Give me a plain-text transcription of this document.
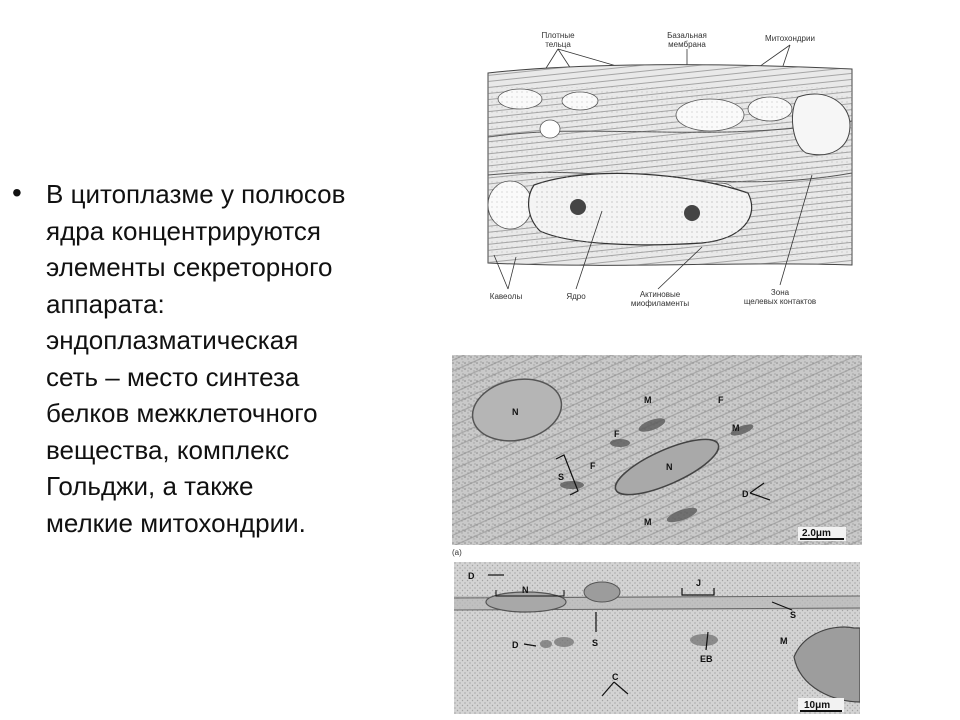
• В цитоплазме у полюсов
ядра концентрируются
элементы секреторного
аппарата:
эндоплазматическая
сеть – место синтеза
белков межклеточного
вещества, комплекс
Гольджи, а также
мелкие митохондрии.
Плотные тельца
Базальная мембрана
Митохондрии
Кавеолы	Ядро	Актиновые миофиламенты
Зона щелевых контактов
N
N
M	F
M
F
F
S
D
M
2.0μm
(a)
D
N
J
S
D	S	M
EB
C
10μm
